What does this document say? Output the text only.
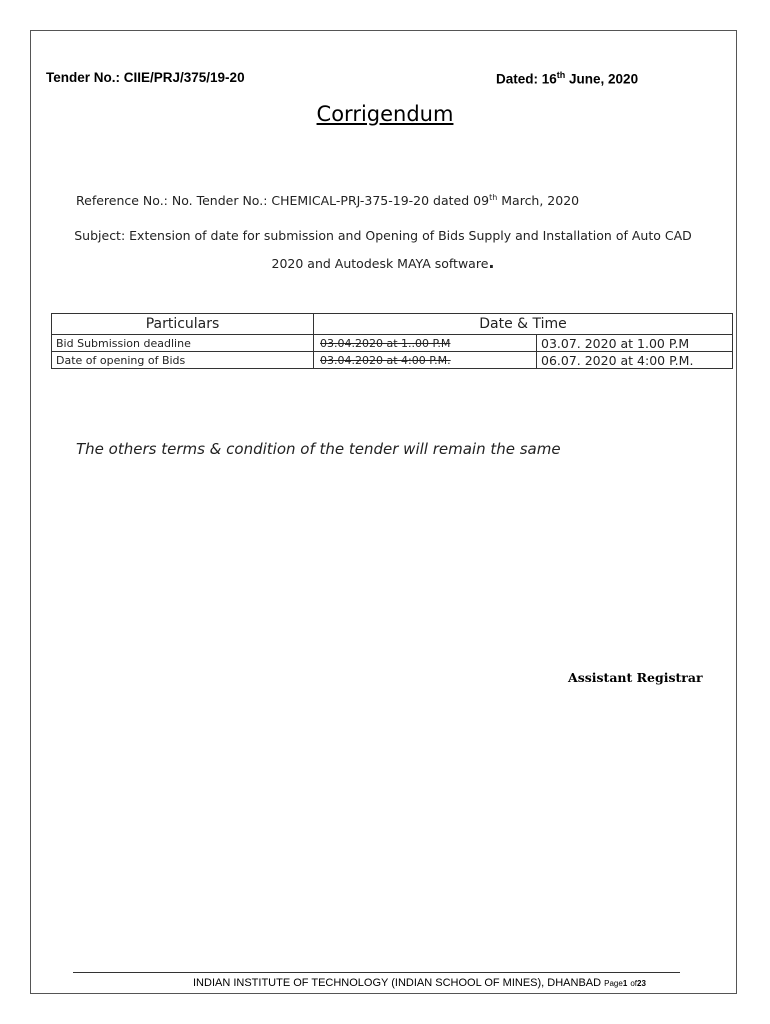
Tender No.: CIIE/PRJ/375/19-20	Dated: 16th June, 2020
Corrigendum
Reference No.: No. Tender No.: CHEMICAL-PRJ-375-19-20 dated 09th March, 2020
Subject: Extension of date for submission and Opening of Bids Supply and Installation of Auto CAD
2020 and Autodesk MAYA software.
Particulars	Date & Time	
Bid Submission deadline	03.04.2020 at 1..00 P.M	03.07. 2020 at 1.00 P.M
Date of opening of Bids	03.04.2020 at 4:00 P.M.	06.07. 2020 at 4:00 P.M.
The others terms & condition of the tender will remain the same
Assistant Registrar
INDIAN INSTITUTE OF TECHNOLOGY (INDIAN SCHOOL OF MINES), DHANBAD Page1 of23
